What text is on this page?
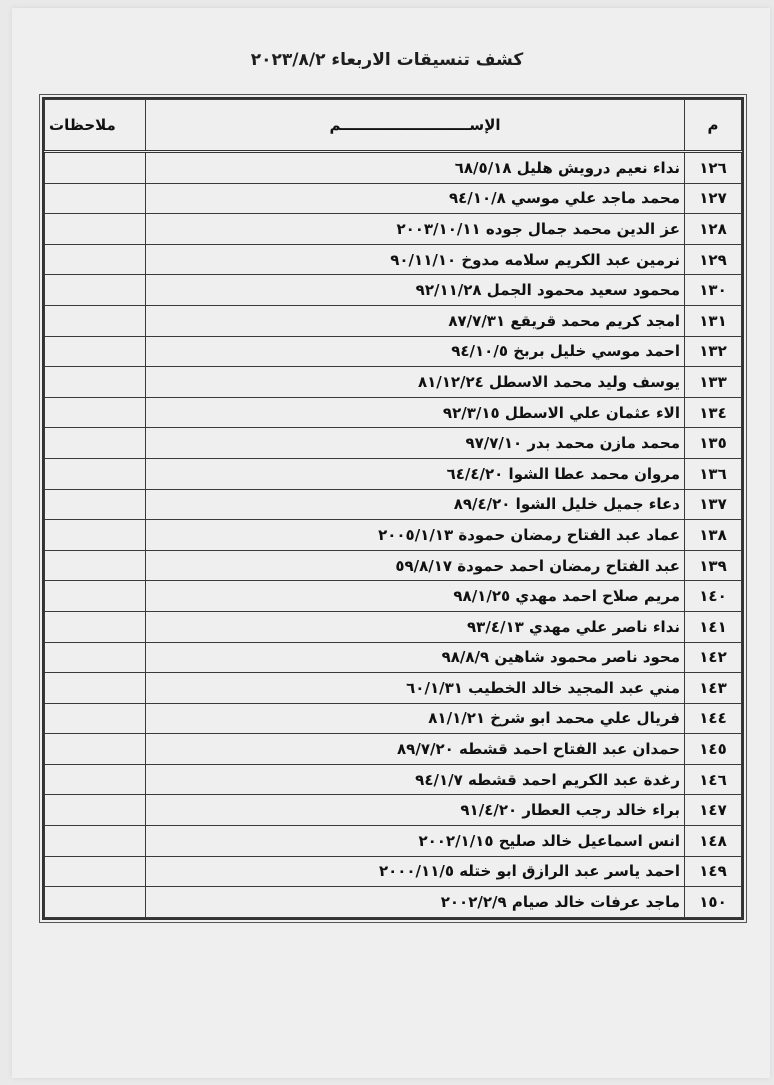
كشف تنسيقات الاربعاء ٢٠٢٣/٨/٢
م	الإســـــــــــــــــــــــــم	ملاحظات
١٢٦	نداء نعيم درويش هليل ٦٨/٥/١٨	
١٢٧	محمد ماجد علي موسي ٩٤/١٠/٨	
١٢٨	عز الدين محمد جمال جوده ٢٠٠٣/١٠/١١	
١٢٩	نرمين عبد الكريم سلامه مدوخ ٩٠/١١/١٠	
١٣٠	محمود سعيد محمود الجمل ٩٢/١١/٢٨	
١٣١	امجد كريم محمد قريقع ٨٧/٧/٣١	
١٣٢	احمد موسي خليل بربخ ٩٤/١٠/٥	
١٣٣	يوسف وليد محمد الاسطل ٨١/١٢/٢٤	
١٣٤	الاء عثمان علي الاسطل ٩٢/٣/١٥	
١٣٥	محمد مازن محمد بدر ٩٧/٧/١٠	
١٣٦	مروان محمد عطا الشوا ٦٤/٤/٢٠	
١٣٧	دعاء جميل خليل الشوا ٨٩/٤/٢٠	
١٣٨	عماد عبد الفتاح رمضان حمودة ٢٠٠٥/١/١٣	
١٣٩	عبد الفتاح رمضان احمد حمودة ٥٩/٨/١٧	
١٤٠	مريم صلاح احمد مهدي ٩٨/١/٢٥	
١٤١	نداء ناصر علي مهدي ٩٣/٤/١٣	
١٤٢	محود ناصر محمود شاهين ٩٨/٨/٩	
١٤٣	مني عبد المجيد خالد الخطيب ٦٠/١/٣١	
١٤٤	فريال علي محمد ابو شرخ ٨١/١/٢١	
١٤٥	حمدان عبد الفتاح احمد قشطه ٨٩/٧/٢٠	
١٤٦	رغدة عبد الكريم احمد قشطه ٩٤/١/٧	
١٤٧	براء خالد رجب العطار ٩١/٤/٢٠	
١٤٨	انس اسماعيل خالد صليح ٢٠٠٢/١/١٥	
١٤٩	احمد ياسر عبد الرازق ابو ختله ٢٠٠٠/١١/٥	
١٥٠	ماجد عرفات خالد صيام ٢٠٠٢/٢/٩	
